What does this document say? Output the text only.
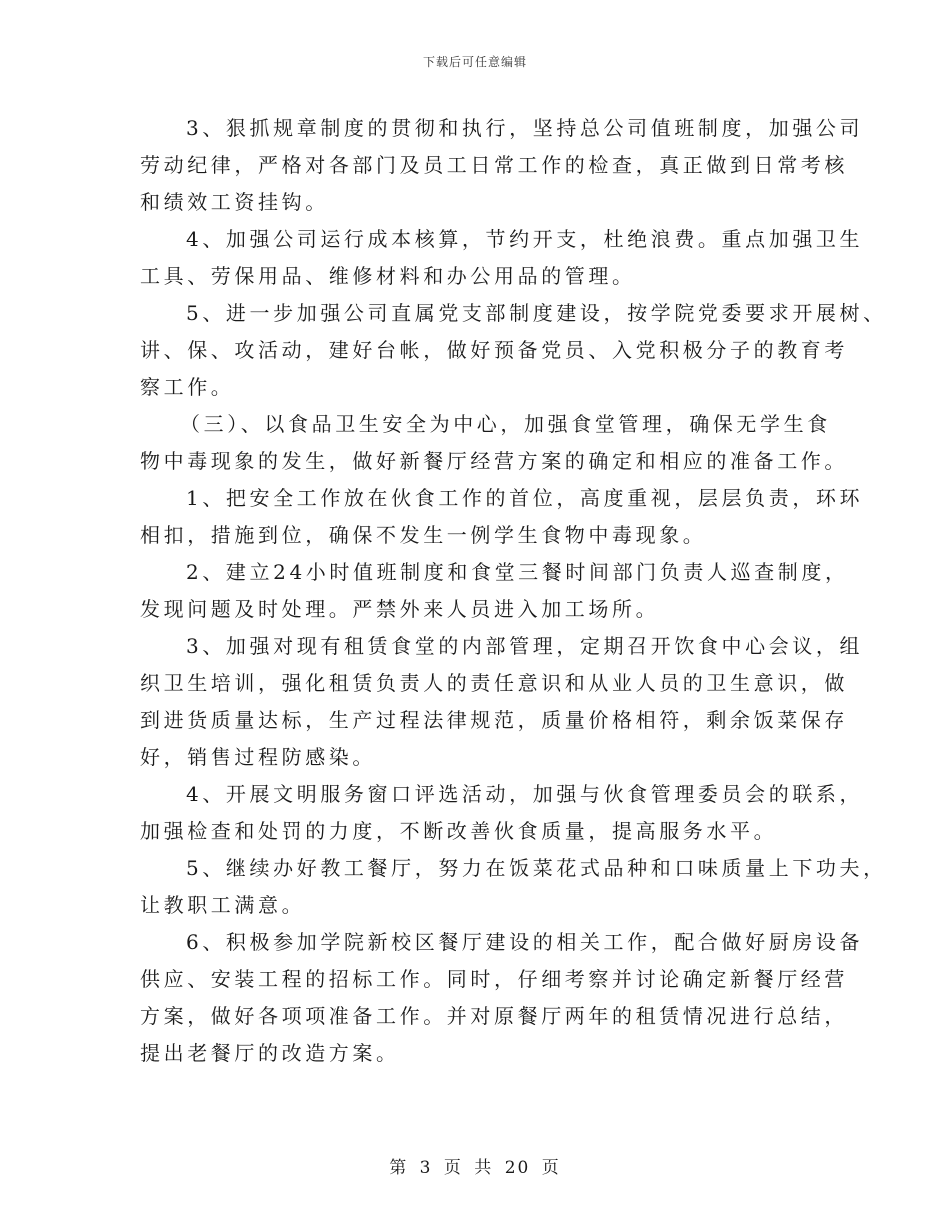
下载后可任意编辑

3、狠抓规章制度的贯彻和执行，坚持总公司值班制度，加强公司
劳动纪律，严格对各部门及员工日常工作的检查，真正做到日常考核
和绩效工资挂钩。

4、加强公司运行成本核算，节约开支，杜绝浪费。重点加强卫生
工具、劳保用品、维修材料和办公用品的管理。

5、进一步加强公司直属党支部制度建设，按学院党委要求开展树、
讲、保、攻活动，建好台帐，做好预备党员、入党积极分子的教育考
察工作。

（三）、以食品卫生安全为中心，加强食堂管理，确保无学生食
物中毒现象的发生，做好新餐厅经营方案的确定和相应的准备工作。

1、把安全工作放在伙食工作的首位，高度重视，层层负责，环环
相扣，措施到位，确保不发生一例学生食物中毒现象。

2、建立24小时值班制度和食堂三餐时间部门负责人巡查制度，
发现问题及时处理。严禁外来人员进入加工场所。

3、加强对现有租赁食堂的内部管理，定期召开饮食中心会议，组
织卫生培训，强化租赁负责人的责任意识和从业人员的卫生意识，做
到进货质量达标，生产过程法律规范，质量价格相符，剩余饭菜保存
好，销售过程防感染。

4、开展文明服务窗口评选活动，加强与伙食管理委员会的联系，
加强检查和处罚的力度，不断改善伙食质量，提高服务水平。

5、继续办好教工餐厅，努力在饭菜花式品种和口味质量上下功夫，
让教职工满意。

6、积极参加学院新校区餐厅建设的相关工作，配合做好厨房设备
供应、安装工程的招标工作。同时，仔细考察并讨论确定新餐厅经营
方案，做好各项项准备工作。并对原餐厅两年的租赁情况进行总结，
提出老餐厅的改造方案。

第 3 页 共 20 页
